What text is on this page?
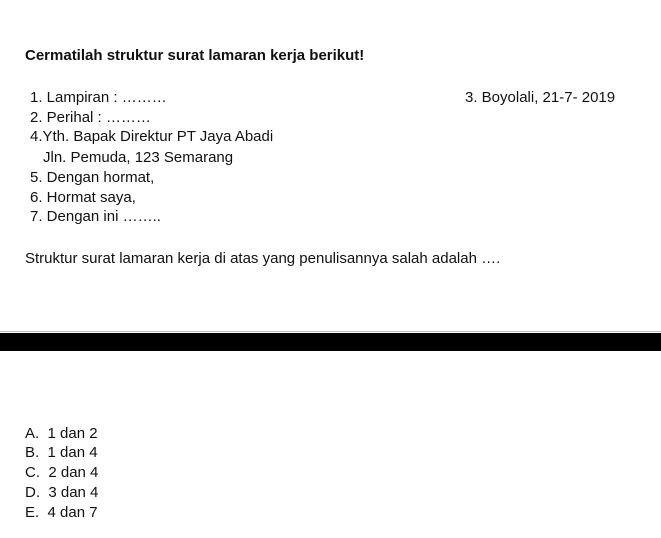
Cermatilah struktur surat lamaran kerja berikut!
1. Lampiran : ………	3. Boyolali, 21-7- 2019
2. Perihal : ………
4.Yth. Bapak Direktur PT Jaya Abadi
Jln. Pemuda, 123 Semarang
5. Dengan hormat,
6. Hormat saya,
7. Dengan ini ……..
Struktur surat lamaran kerja di atas yang penulisannya salah adalah ….
A. 1 dan 2
B. 1 dan 4
C. 2 dan 4
D. 3 dan 4
E. 4 dan 7
